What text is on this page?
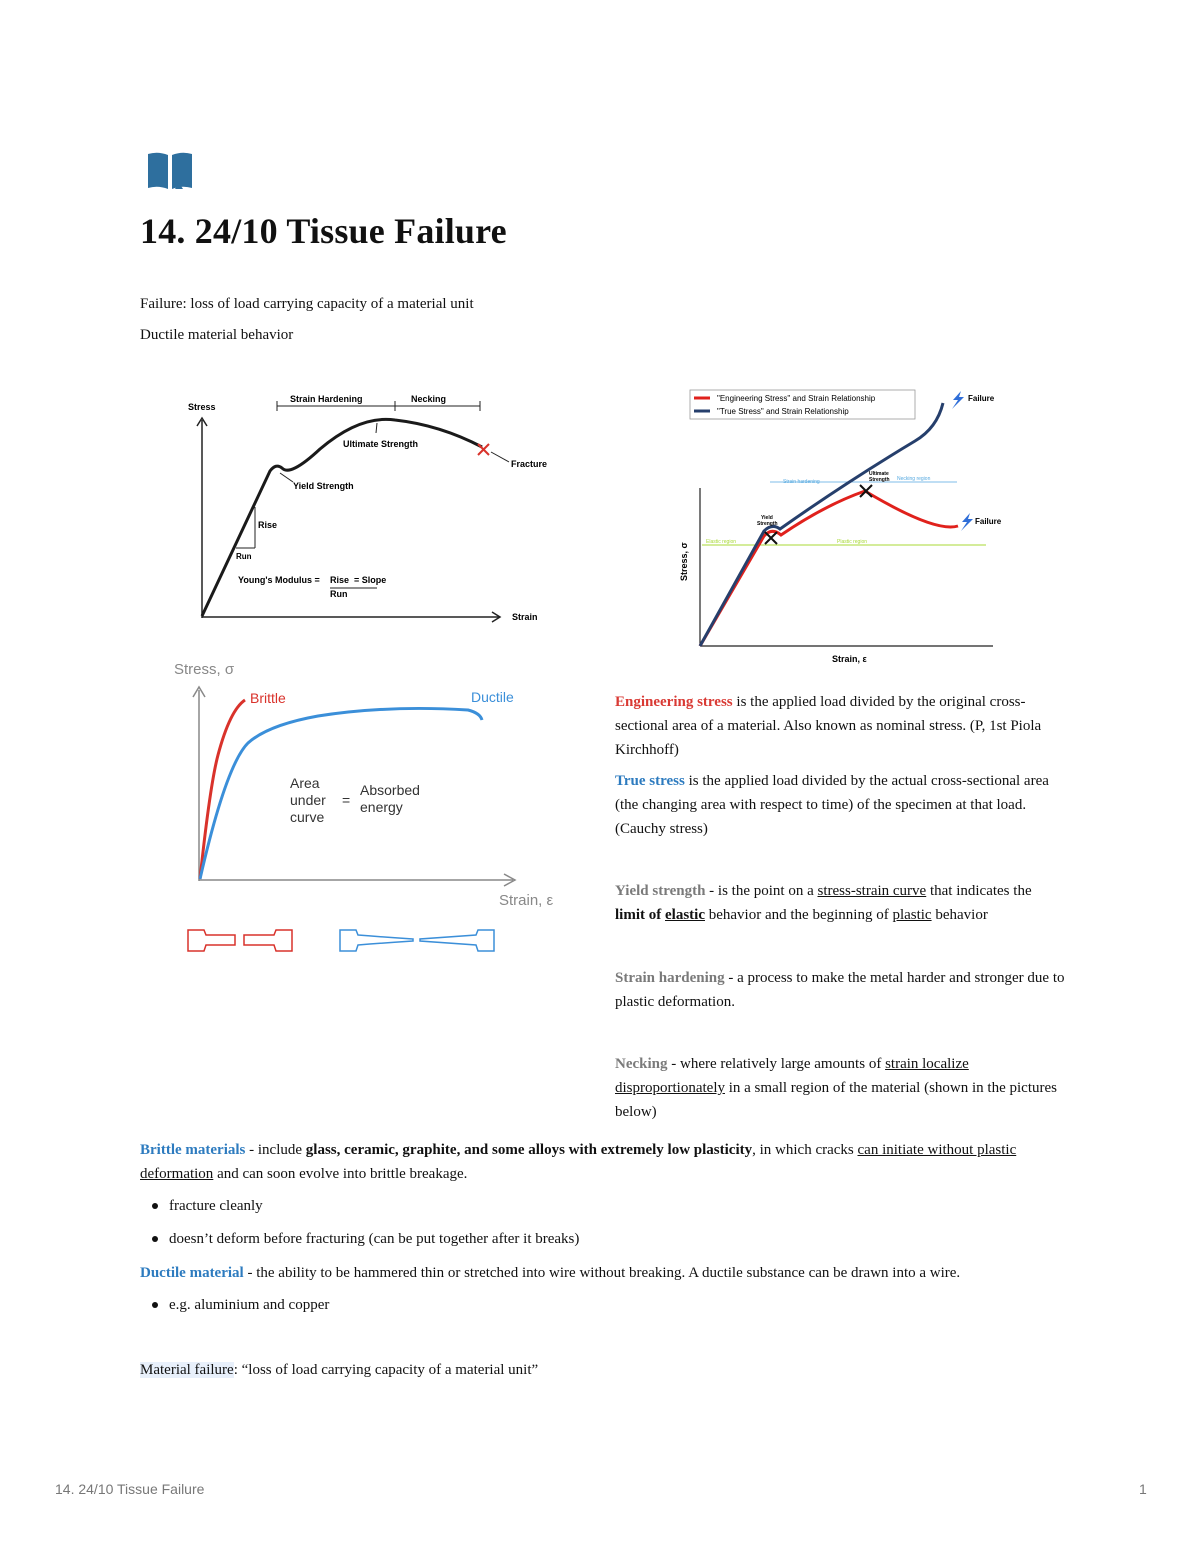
14. 24/10 Tissue Failure
Failure: loss of load carrying capacity of a material unit
Ductile material behavior
Stress
Strain
Strain Hardening	Necking
Ultimate Strength
Fracture
Yield Strength
Rise
Run
Young's Modulus = Rise = Slope
Run
"Engineering Stress" and Strain Relationship
"True Stress" and Strain Relationship
Stress, σ
Strain, ε
Strain hardening	Necking region
Elastic region	Plastic region
Yield
Strength
Ultimate
Strength
Failure
Failure
Stress, σ
Strain, ε
Brittle	Ductile
Area
under
curve
=
Absorbed
energy
Engineering stress is the applied load divided by the original cross-sectional area of a material. Also known as nominal stress. (P, 1st Piola Kirchhoff)
True stress is the applied load divided by the actual cross-sectional area (the changing area with respect to time) of the specimen at that load. (Cauchy stress)
Yield strength - is the point on a stress-strain curve that indicates the limit of elastic behavior and the beginning of plastic behavior
Strain hardening - a process to make the metal harder and stronger due to plastic deformation.
Necking - where relatively large amounts of strain localize disproportionately in a small region of the material (shown in the pictures below)
Brittle materials - include glass, ceramic, graphite, and some alloys with extremely low plasticity, in which cracks can initiate without plastic deformation and can soon evolve into brittle breakage.
fracture cleanly
doesn’t deform before fracturing (can be put together after it breaks)
Ductile material - the ability to be hammered thin or stretched into wire without breaking. A ductile substance can be drawn into a wire.
e.g. aluminium and copper
Material failure: “loss of load carrying capacity of a material unit”
14. 24/10 Tissue Failure	1
